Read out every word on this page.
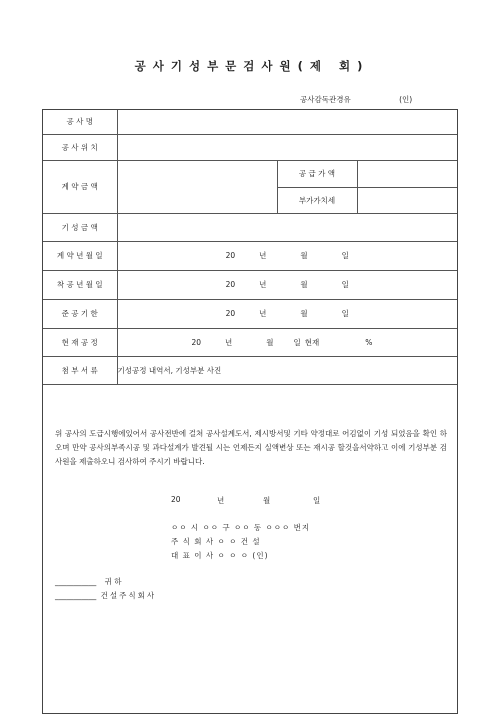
공사기성부문검사원(제 회)
공사감독관경유	(인)
공 사 명			
공 사 위 치			
계 약 금 액		공 급 가 액	
		부가가치세	
기 성 금 액			
계 약 년 월 일	20 년 월 일		
착 공 년 월 일	20 년 월 일		
준 공 기 한	20 년 월 일		
현 재 공 정	20 년 월 일 현재 %		
첨 부 서 류	기성공정 내역서, 기성부분 사진		
위 공사의 도급시행에있어서 공사전반에 걸쳐 공사설계도서, 제시방서및 기타 약정대로 어김없이 기성 되었음을 확인 하오며 만약 공사의부족시공 및 과다설계가 발견될 시는 언제든지 실액변상 또는 재시공 할것을서약하고 이에 기성부분 검사원을 제출하오니 검사하여 주시기 바랍니다.
20	년	월	일
ㅇㅇ 시 ㅇㅇ 구 ㅇㅇ 동 ㅇㅇㅇ 번지
주 식 회 사 ㅇ ㅇ 건 설
대 표 이 사 ㅇ ㅇ ㅇ (인)
___________ 귀 하
___________ 건설주식회사
